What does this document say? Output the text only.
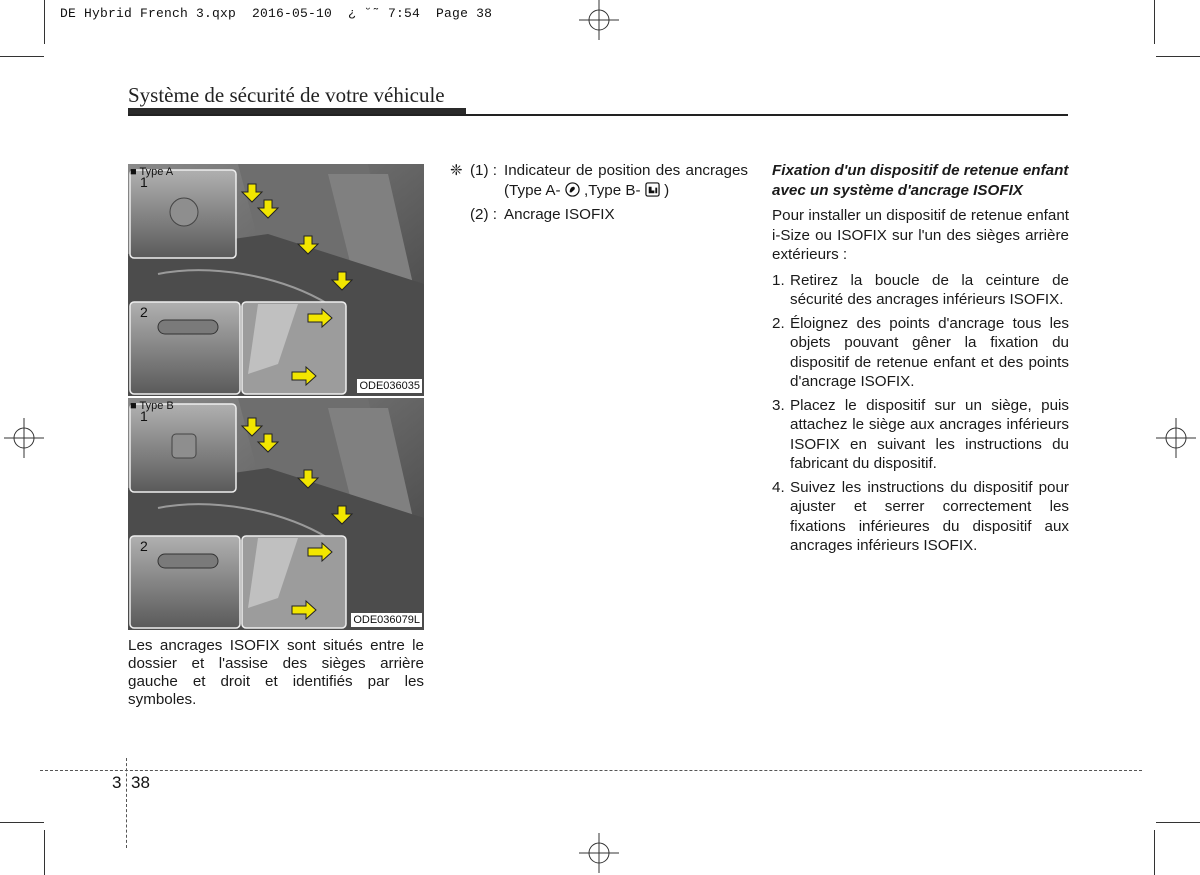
DE Hybrid French 3.qxp  2016-05-10  ¿ ˘˜ 7:54  Page 38
Système de sécurité de votre véhicule
■ Type A
1
2
ODE036035
■ Type B
1
2
ODE036079L
Les ancrages ISOFIX sont situés entre le dossier et l'assise des sièges arrière gauche et droit et identifiés par les symboles.
❈ (1) : Indicateur de position des ancrages (Type A- ,Type B- )
(2) : Ancrage ISOFIX
Fixation d'un dispositif de retenue enfant avec un système d'ancrage ISOFIX
Pour installer un dispositif de retenue enfant i-Size ou ISOFIX sur l'un des sièges arrière extérieurs :
1. Retirez la boucle de la ceinture de sécurité des ancrages inférieurs ISOFIX.
2. Éloignez des points d'ancrage tous les objets pouvant gêner la fixation du dispositif de retenue enfant et des points d'ancrage ISOFIX.
3. Placez le dispositif sur un siège, puis attachez le siège aux ancrages inférieurs ISOFIX en suivant les instructions du fabricant du dispositif.
4. Suivez les instructions du dispositif pour ajuster et serrer correctement les fixations inférieures du dispositif aux ancrages inférieurs ISOFIX.
3 38
